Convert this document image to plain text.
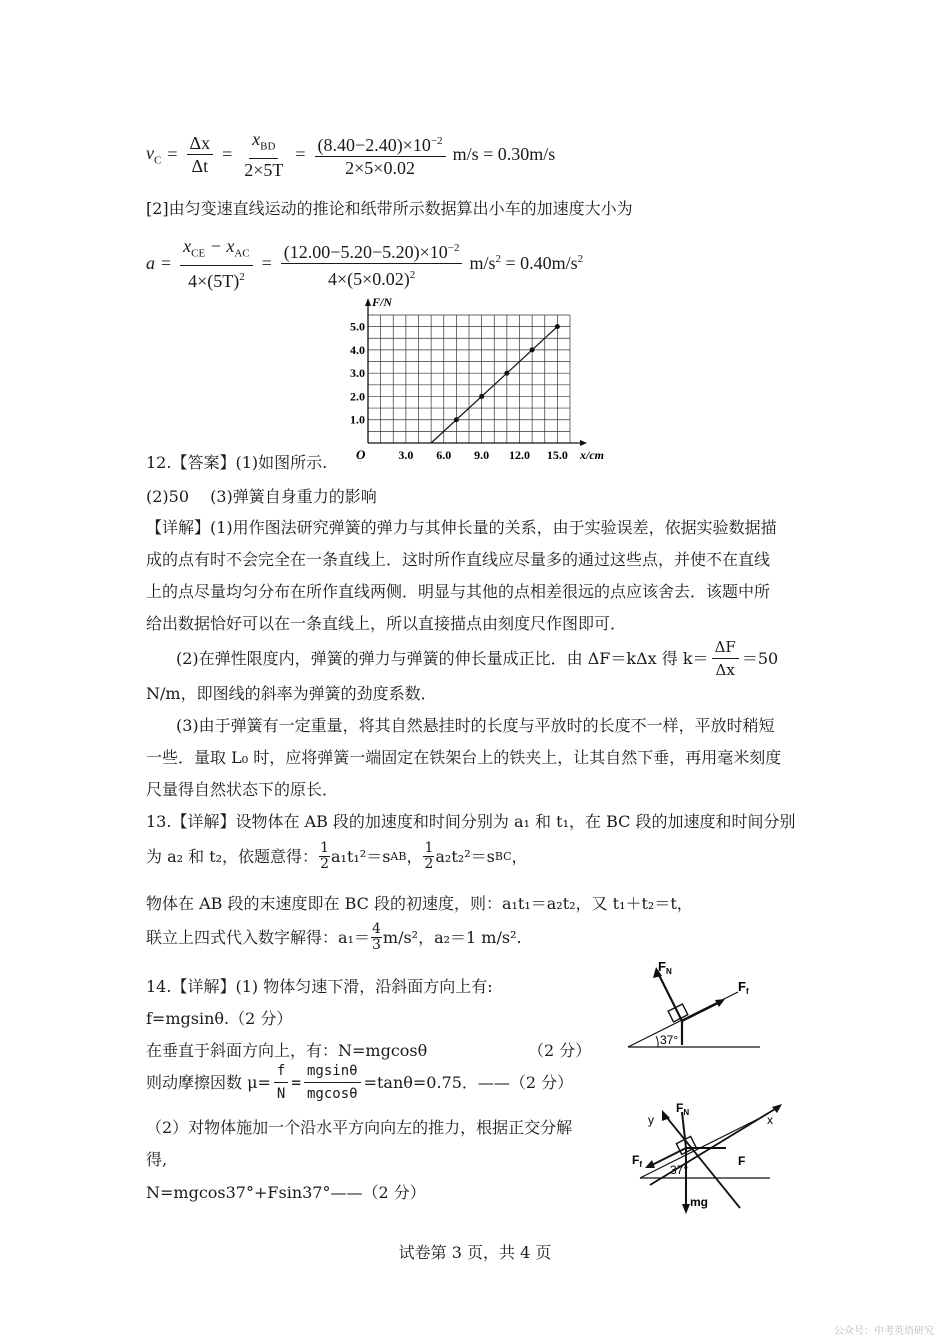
$v_C = \frac{\Delta x}{\Delta t} = \frac{x_{BD}}{2\times 5T} = \frac{(8.40-2.40)\times 10^{-2}}{2\times 5\times 0.02} m/s = 0.30m/s$
[2]由匀变速直线运动的推论和纸带所示数据算出小车的加速度大小为
$a = \frac{x_{CE} - x_{AC}}{4\times(5T)^2} = \frac{(12.00-5.20-5.20)\times 10^{-2}}{4\times(5\times 0.02)^2} m/s^2 = 0.40m/s^2$
F/N
O	3.0 6.0 9.0 12.0 15.0 x/cm
1.0
2.0
3.0
4.0
5.0
12.【答案】(1)如图所示.
(2)50　 (3)弹簧自身重力的影响
【详解】(1)用作图法研究弹簧的弹力与其伸长量的关系，由于实验误差，依据实验数据描
成的点有时不会完全在一条直线上．这时所作直线应尽量多的通过这些点，并使不在直线
上的点尽量均匀分布在所作直线两侧．明显与其他的点相差很远的点应该舍去．该题中所
给出数据恰好可以在一条直线上，所以直接描点由刻度尺作图即可．
(2)在弹性限度内，弹簧的弹力与弹簧的伸长量成正比．由 ΔF＝kΔx 得 $k= \frac{\Delta F}{\Delta x} =50$
N/m，即图线的斜率为弹簧的劲度系数．
(3)由于弹簧有一定重量，将其自然悬挂时的长度与平放时的长度不一样，平放时稍短
一些．量取 L₀ 时，应将弹簧一端固定在铁架台上的铁夹上，让其自然下垂，再用毫米刻度
尺量得自然状态下的原长．
13.【详解】设物体在 AB 段的加速度和时间分别为 a₁ 和 t₁，在 BC 段的加速度和时间分别
为 a₂ 和 t₂，依题意得： 1
2 a₁t₁²＝s AB ， 1
2 a₂t₂²＝s BC ，
物体在 AB 段的末速度即在 BC 段的初速度，则：a₁t₁＝a₂t₂，又 t₁＋t₂＝t，
联立上四式代入数字解得：a₁＝ 4
3 m/s²，a₂＝1 m/s².
14.【详解】(1) 物体匀速下滑，沿斜面方向上有:
f=mgsinθ.（2 分）
在垂直于斜面方向上，有：N=mgcosθ	（2 分）
则动摩擦因数 $\mu= \frac{f}{N} = \frac{mgsin\theta}{mgcos\theta} =\tan\theta=0.75$．——（2 分）
（2）对物体施加一个沿水平方向向左的推力，根据正交分解
得,
N=mgcos37°+Fsin37°——（2 分）
$F_N$
$F_f$
37°
y	x
$F_N$
$F_f$	F
mg
37°
试卷第 3 页，共 4 页
公众号：中考英语研究
